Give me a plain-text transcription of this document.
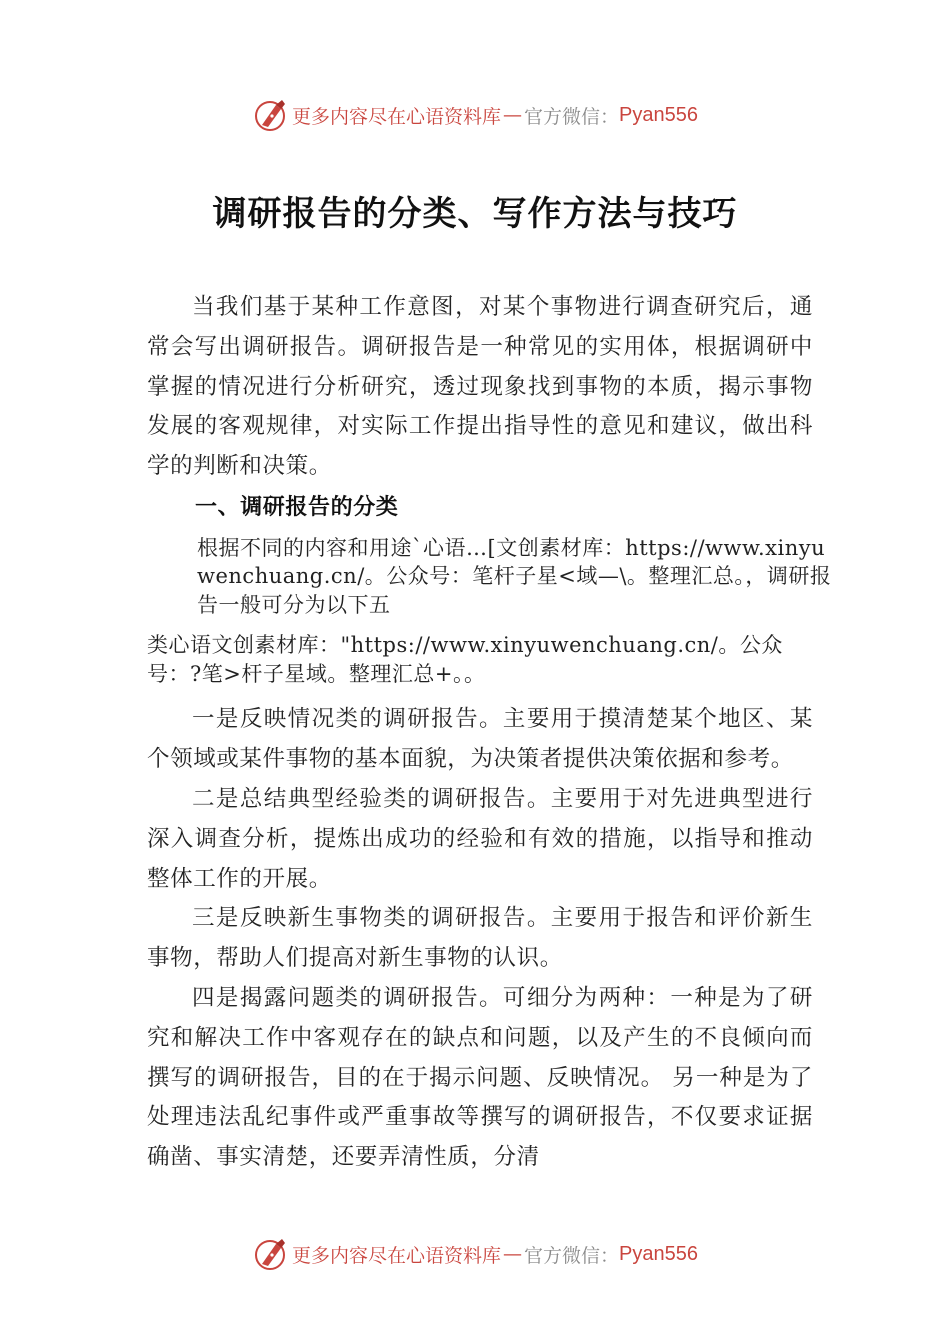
更多内容尽在心语资料库 — 官方微信： Pyan556
调研报告的分类、写作方法与技巧

当我们基于某种工作意图，对某个事物进行调查研究后，通常会写出调研报告。调研报告是一种常见的实用体，根据调研中掌握的情况进行分析研究，透过现象找到事物的本质，揭示事物发展的客观规律，对实际工作提出指导性的意见和建议，做出科学的判断和决策。

一、调研报告的分类
根据不同的内容和用途`心语…[文创素材库：https://www.xinyuwenchuang.cn/。公众号：笔杆子星<域—\。整理汇总。，调研报告一般可分为以下五
类心语文创素材库："https://www.xinyuwenchuang.cn/。公众号：?笔>杆子星域。整理汇总+。。

一是反映情况类的调研报告。主要用于摸清楚某个地区、某个领域或某件事物的基本面貌，为决策者提供决策依据和参考。

二是总结典型经验类的调研报告。主要用于对先进典型进行深入调查分析，提炼出成功的经验和有效的措施，以指导和推动整体工作的开展。

三是反映新生事物类的调研报告。主要用于报告和评价新生事物，帮助人们提高对新生事物的认识。

四是揭露问题类的调研报告。可细分为两种：一种是为了研究和解决工作中客观存在的缺点和问题，以及产生的不良倾向而撰写的调研报告，目的在于揭示问题、反映情况。 另一种是为了处理违法乱纪事件或严重事故等撰写的调研报告，不仅要求证据确凿、事实清楚，还要弄清性质，分清

更多内容尽在心语资料库 — 官方微信： Pyan556
